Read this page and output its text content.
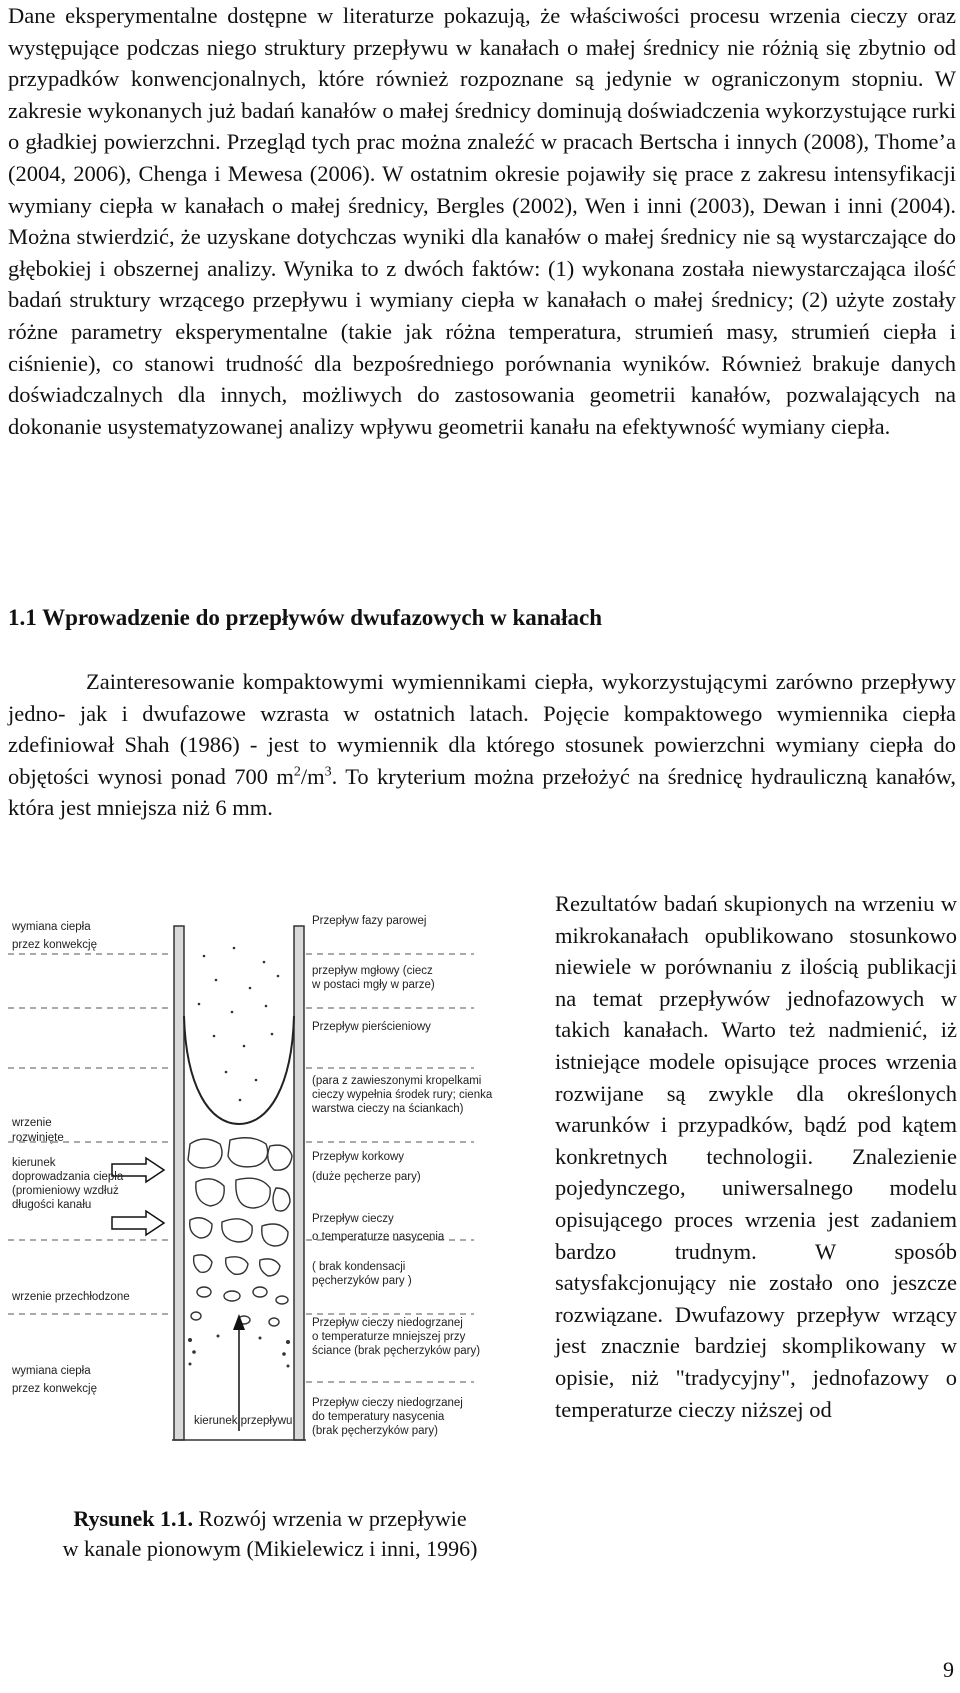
Dane eksperymentalne dostępne w literaturze pokazują, że właściwości procesu wrzenia cieczy oraz występujące podczas niego struktury przepływu w kanałach o małej średnicy nie różnią się zbytnio od przypadków konwencjonalnych, które również rozpoznane są jedynie w ograniczonym stopniu. W zakresie wykonanych już badań kanałów o małej średnicy dominują doświadczenia wykorzystujące rurki o gładkiej powierzchni. Przegląd tych prac można znaleźć w pracach Bertscha i innych (2008), Thome’a (2004, 2006), Chenga i Mewesa (2006). W ostatnim okresie pojawiły się prace z zakresu intensyfikacji wymiany ciepła w kanałach o małej średnicy, Bergles (2002), Wen i inni (2003), Dewan i inni (2004). Można stwierdzić, że uzyskane dotychczas wyniki dla kanałów o małej średnicy nie są wystarczające do głębokiej i obszernej analizy. Wynika to z dwóch faktów: (1) wykonana została niewystarczająca ilość badań struktury wrzącego przepływu i wymiany ciepła w kanałach o małej średnicy; (2) użyte zostały różne parametry eksperymentalne (takie jak różna temperatura, strumień masy, strumień ciepła i ciśnienie), co stanowi trudność dla bezpośredniego porównania wyników. Również brakuje danych doświadczalnych dla innych, możliwych do zastosowania geometrii kanałów, pozwalających na dokonanie usystematyzowanej analizy wpływu geometrii kanału na efektywność wymiany ciepła.

1.1 Wprowadzenie do przepływów dwufazowych w kanałach

Zainteresowanie kompaktowymi wymiennikami ciepła, wykorzystującymi zarówno przepływy jedno- jak i dwufazowe wzrasta w ostatnich latach. Pojęcie kompaktowego wymiennika ciepła zdefiniował Shah (1986) - jest to wymiennik dla którego stosunek powierzchni wymiany ciepła do objętości wynosi ponad 700 $m^2/m^3$. To kryterium można przełożyć na średnicę hydrauliczną kanałów, która jest mniejsza niż 6 mm.

wymiana ciepła
przez konwekcję
wrzenie
rozwinięte
kierunek
doprowadzania ciepła
(promieniowy wzdłuż
długości kanału
wrzenie przechłodzone
wymiana ciepła
przez konwekcję
Przepływ fazy parowej
przepływ mgłowy (ciecz
w postaci mgły w parze)
Przepływ pierścieniowy
(para z zawieszonymi kropelkami
cieczy wypełnia środek rury; cienka
warstwa cieczy na ściankach)
Przepływ korkowy
(duże pęcherze pary)
Przepływ cieczy
o temperaturze nasycenia
( brak kondensacji
pęcherzyków pary )
Przepływ cieczy niedogrzanej
o temperaturze mniejszej przy
ściance (brak pęcherzyków pary)
Przepływ cieczy niedogrzanej
do temperatury nasycenia
(brak pęcherzyków pary)
kierunek przepływu

Rysunek 1.1. Rozwój wrzenia w przepływie
w kanale pionowym (Mikielewicz i inni, 1996)

Rezultatów badań skupionych na wrzeniu w mikrokanałach opublikowano stosunkowo niewiele w porównaniu z ilością publikacji na temat przepływów jednofazowych w takich kanałach. Warto też nadmienić, iż istniejące modele opisujące proces wrzenia rozwijane są zwykle dla określonych warunków i przypadków, bądź pod kątem konkretnych technologii. Znalezienie pojedynczego, uniwersalnego modelu opisującego proces wrzenia jest zadaniem bardzo trudnym. W sposób satysfakcjonujący nie zostało ono jeszcze rozwiązane. Dwufazowy przepływ wrzący jest znacznie bardziej skomplikowany w opisie, niż "tradycyjny", jednofazowy o temperaturze cieczy niższej od

9
